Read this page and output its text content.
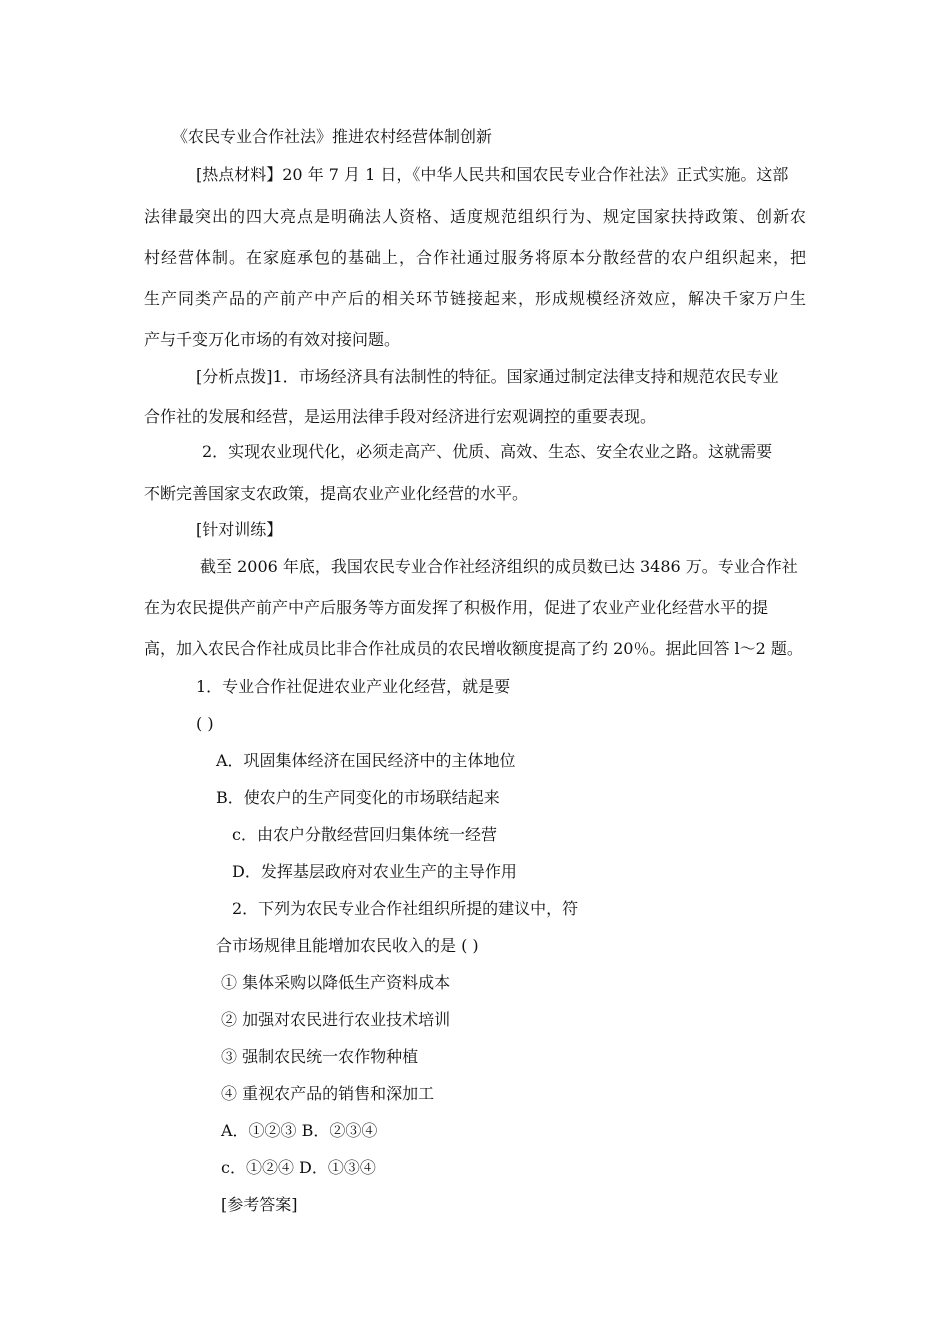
《农民专业合作社法》推进农村经营体制创新
[热点材料】20 年 7 月 1 日，《中华人民共和国农民专业合作社法》正式实施。这部
法律最突出的四大亮点是明确法人资格、适度规范组织行为、规定国家扶持政策、创新农
村经营体制。在家庭承包的基础上，合作社通过服务将原本分散经营的农户组织起来，把
生产同类产品的产前产中产后的相关环节链接起来，形成规模经济效应，解决千家万户生
产与千变万化市场的有效对接问题。
[分析点拨]1．市场经济具有法制性的特征。国家通过制定法律支持和规范农民专业
合作社的发展和经营，是运用法律手段对经济进行宏观调控的重要表现。
2．实现农业现代化，必须走高产、优质、高效、生态、安全农业之路。这就需要
不断完善国家支农政策，提高农业产业化经营的水平。
[针对训练】
截至 2006 年底，我国农民专业合作社经济组织的成员数已达 3486 万。专业合作社
在为农民提供产前产中产后服务等方面发挥了积极作用，促进了农业产业化经营水平的提
高，加入农民合作社成员比非合作社成员的农民增收额度提高了约 20％。据此回答 l～2 题。
1．专业合作社促进农业产业化经营，就是要
( )
A．巩固集体经济在国民经济中的主体地位
B．使农户的生产同变化的市场联结起来
c．由农户分散经营回归集体统一经营
D．发挥基层政府对农业生产的主导作用
2．下列为农民专业合作社组织所提的建议中，符
合市场规律且能增加农民收入的是 ( )
① 集体采购以降低生产资料成本
② 加强对农民进行农业技术培训
③ 强制农民统一农作物种植
④ 重视农产品的销售和深加工
A．①②③ B．②③④
c．①②④ D．①③④
[参考答案]
